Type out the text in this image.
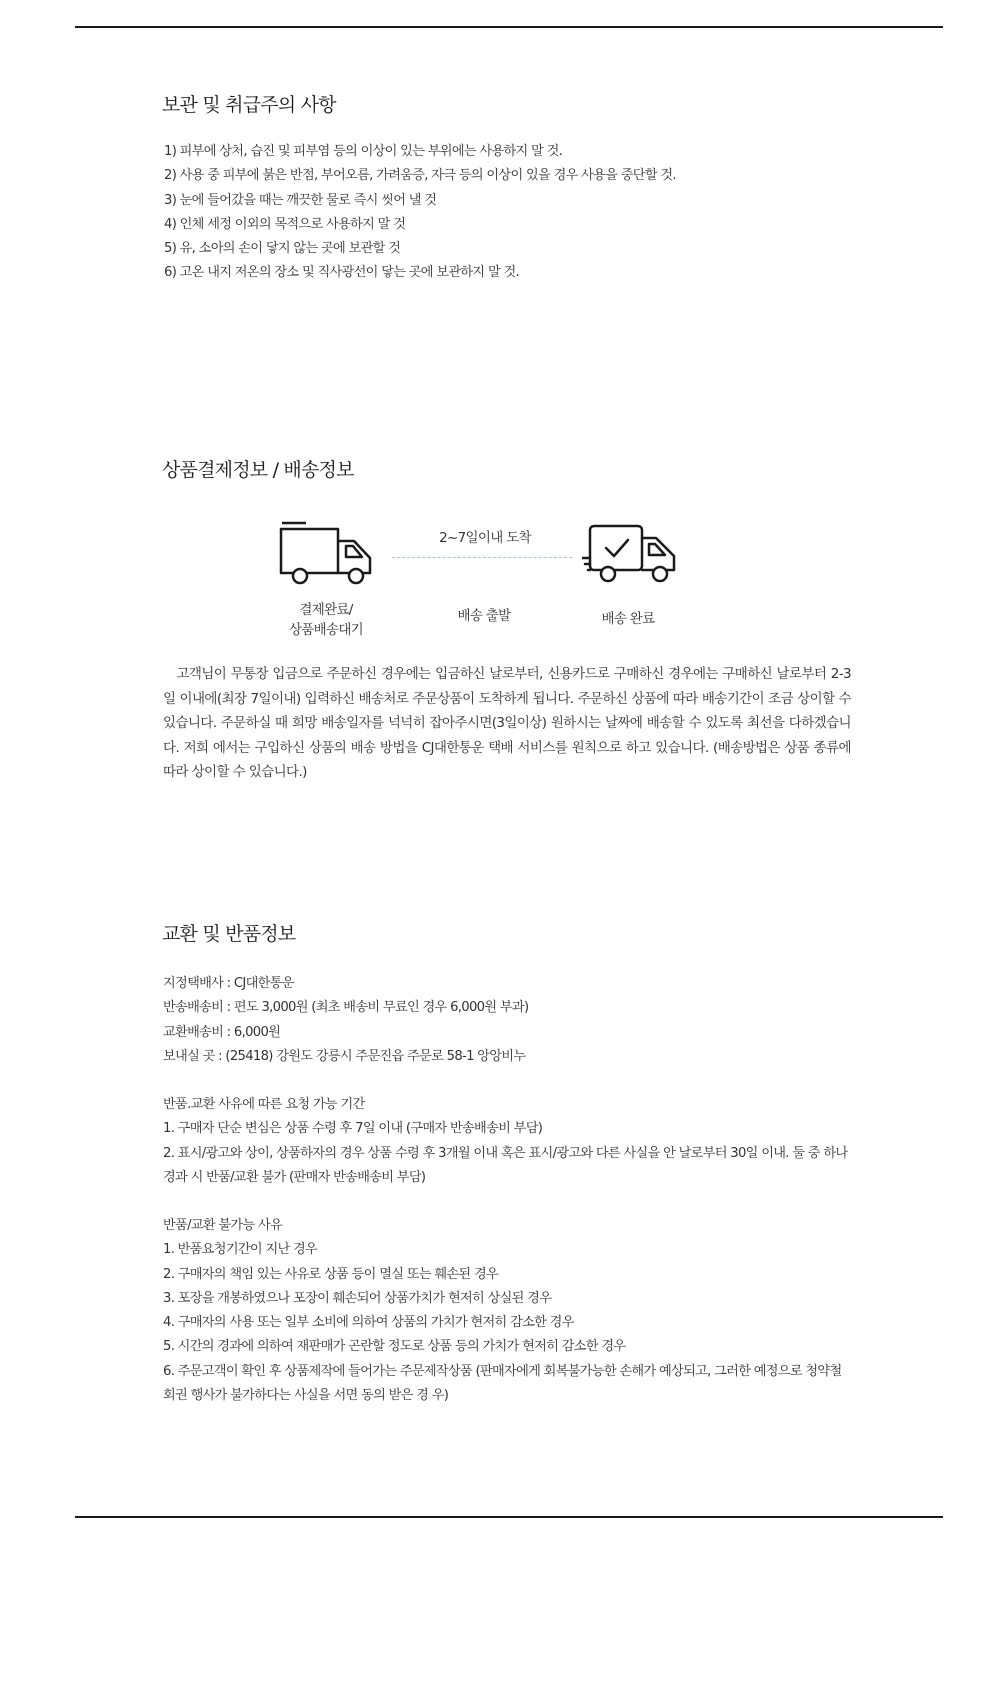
보관 및 취급주의 사항
1) 피부에 상처, 습진 및 피부염 등의 이상이 있는 부위에는 사용하지 말 것.
2) 사용 중 피부에 붉은 반점, 부어오름, 가려움증, 자극 등의 이상이 있을 경우 사용을 중단할 것.
3) 눈에 들어갔을 때는 깨끗한 물로 즉시 씻어 낼 것
4) 인체 세정 이외의 목적으로 사용하지 말 것
5) 유, 소아의 손이 닿지 않는 곳에 보관할 것
6) 고온 내지 저온의 장소 및 직사광선이 닿는 곳에 보관하지 말 것.
상품결제정보 / 배송정보
2~7일이내 도착
결제완료/
상품배송대기
배송 출발	배송 완료

고객님이 무통장 입금으로 주문하신 경우에는 입금하신 날로부터, 신용카드로 구매하신 경우에는 구매하신 날로부터 2-3일 이내에(최장 7일이내) 입력하신 배송처로 주문상품이 도착하게 됩니다. 주문하신 상품에 따라 배송기간이 조금 상이할 수 있습니다. 주문하실 때 희망 배송일자를 넉넉히 잡아주시면(3일이상) 원하시는 날짜에 배송할 수 있도록 최선을 다하겠습니다. 저희 에서는 구입하신 상품의 배송 방법을 CJ대한통운 택배 서비스를 원칙으로 하고 있습니다. (배송방법은 상품 종류에 따라 상이할 수 있습니다.)

교환 및 반품정보
지정택배사 : CJ대한통운
반송배송비 : 편도 3,000원 (최초 배송비 무료인 경우 6,000원 부과)
교환배송비 : 6,000원
보내실 곳 : (25418) 강원도 강릉시 주문진읍 주문로 58-1 앙앙비누
반품.교환 사유에 따른 요청 가능 기간
1. 구매자 단순 변심은 상품 수령 후 7일 이내 (구매자 반송배송비 부담)
2. 표시/광고와 상이, 상품하자의 경우 상품 수령 후 3개월 이내 혹은 표시/광고와 다른 사실을 안 날로부터 30일 이내. 둘 중 하나 경과 시 반품/교환 불가 (판매자 반송배송비 부담)
반품/교환 불가능 사유
1. 반품요청기간이 지난 경우
2. 구매자의 책임 있는 사유로 상품 등이 멸실 또는 훼손된 경우
3. 포장을 개봉하였으나 포장이 훼손되어 상품가치가 현저히 상실된 경우
4. 구매자의 사용 또는 일부 소비에 의하여 상품의 가치가 현저히 감소한 경우
5. 시간의 경과에 의하여 재판매가 곤란할 정도로 상품 등의 가치가 현저히 감소한 경우
6. 주문고객이 확인 후 상품제작에 들어가는 주문제작상품 (판매자에게 회복불가능한 손해가 예상되고, 그러한 예정으로 청약철회권 행사가 불가하다는 사실을 서면 동의 받은 경 우)
